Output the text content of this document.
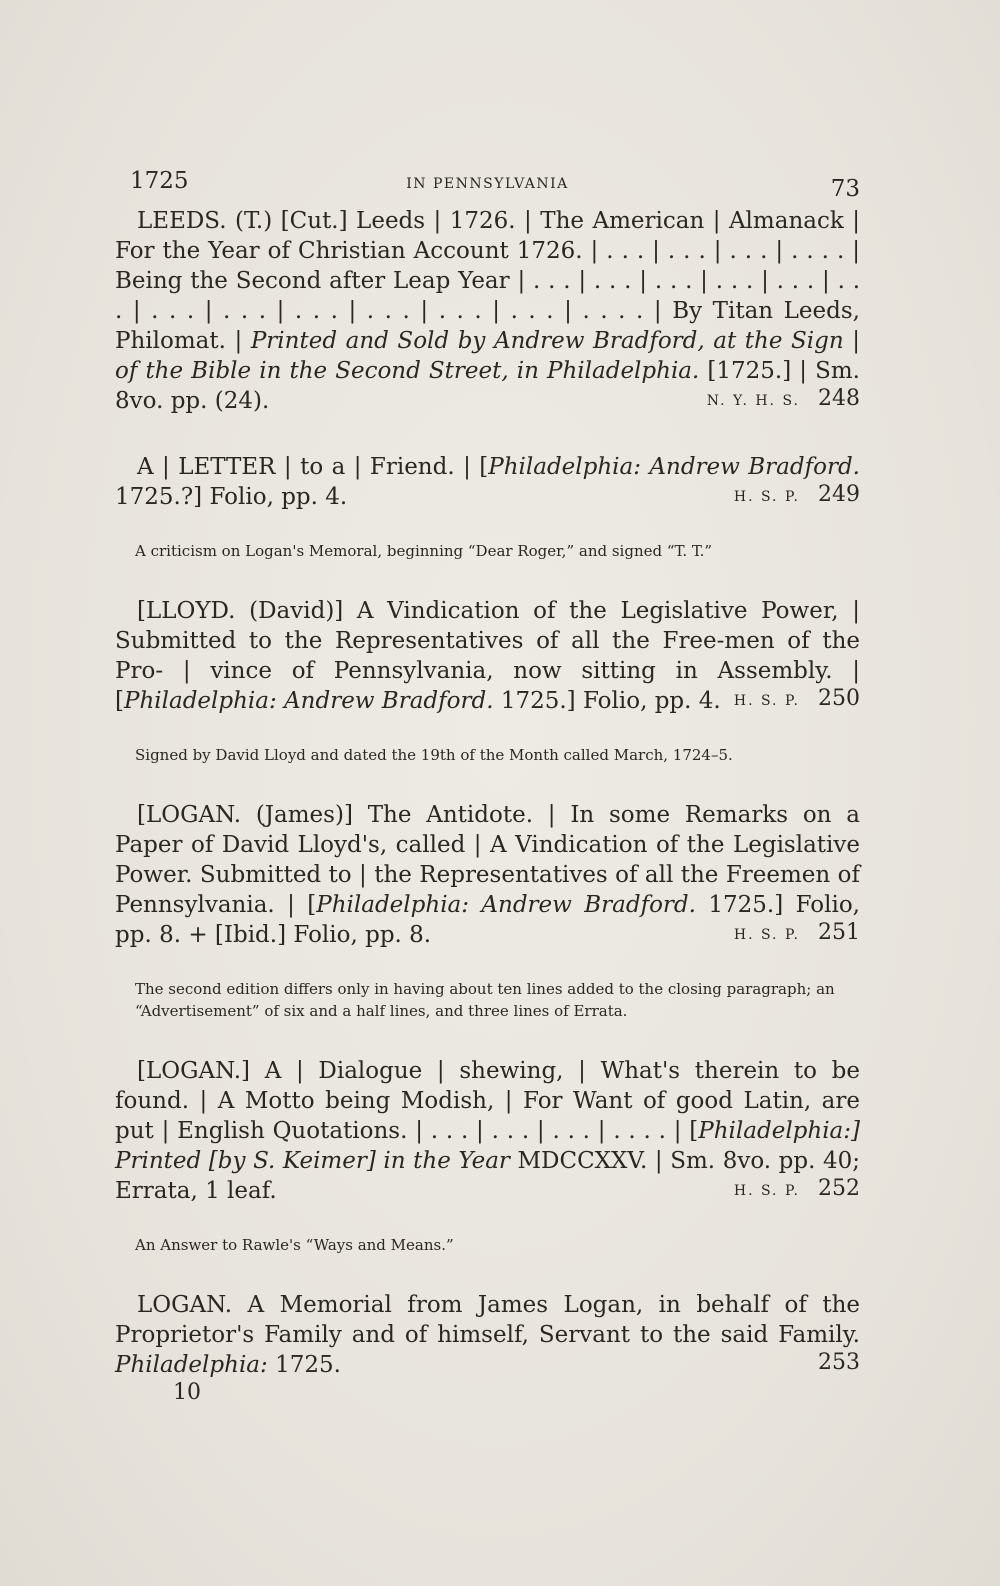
1725	IN PENNSYLVANIA	73
LEEDS. (T.) [Cut.] Leeds | 1726. | The American | Almanack | For the Year of Christian Account 1726. | . . . | . . . | . . . | . . . . | Being the Second after Leap Year | . . . | . . . | . . . | . . . | . . . | . . . | . . . | . . . | . . . | . . . | . . . | . . . | . . . . | By Titan Leeds, Philomat. | Printed and Sold by Andrew Bradford, at the Sign | of the Bible in the Second Street, in Philadelphia. [1725.] | Sm. 8vo. pp. (24).	N. Y. H. S. 248
A | LETTER | to a | Friend. | [Philadelphia: Andrew Bradford. 1725.?] Folio, pp. 4.	H. S. P. 249
A criticism on Logan's Memoral, beginning “Dear Roger,” and signed “T. T.”
[LLOYD. (David)] A Vindication of the Legislative Power, | Submitted to the Representatives of all the Free-men of the Pro- | vince of Pennsylvania, now sitting in Assembly. | [Philadelphia: Andrew Bradford. 1725.] Folio, pp. 4. H. S. P. 250
Signed by David Lloyd and dated the 19th of the Month called March, 1724–5.
[LOGAN. (James)] The Antidote. | In some Remarks on a Paper of David Lloyd's, called | A Vindication of the Legislative Power. Submitted to | the Representatives of all the Freemen of Pennsylvania. | [Philadelphia: Andrew Bradford. 1725.] Folio, pp. 8. + [Ibid.] Folio, pp. 8.	H. S. P. 251
The second edition differs only in having about ten lines added to the closing paragraph; an “Advertisement” of six and a half lines, and three lines of Errata.
[LOGAN.] A | Dialogue | shewing, | What's therein to be found. | A Motto being Modish, | For Want of good Latin, are put | English Quotations. | . . . | . . . | . . . | . . . . | [Philadelphia:] Printed [by S. Keimer] in the Year MDCCXXV. | Sm. 8vo. pp. 40; Errata, 1 leaf.	H. S. P. 252
An Answer to Rawle's “Ways and Means.”
LOGAN. A Memorial from James Logan, in behalf of the Proprietor's Family and of himself, Servant to the said Family. Philadelphia: 1725.	253
10
